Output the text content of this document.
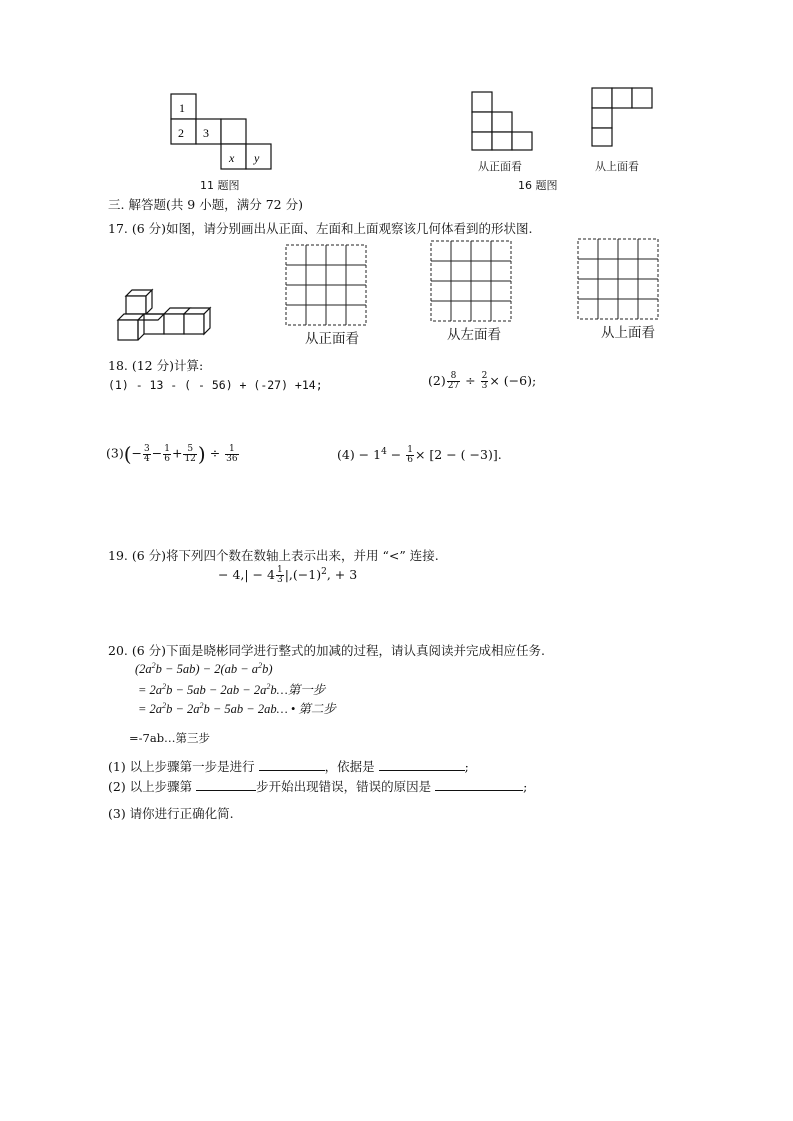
1
2 3
x y
11 题图
从正面看	从上面看
16 题图
三. 解答题(共 9 小题，满分 72 分)
17. (6 分)如图，请分别画出从正面、左面和上面观察该几何体看到的形状图.
从正面看	从左面看	从上面看
18. (12 分)计算:
(1) - 13 - ( - 56) + (-27) +14;	$(2) \frac{8}{27} \div \frac{2}{3} \times (-6)$;
$(3)(- \frac{3}{4} - \frac{1}{6} + \frac{5}{12}$ ) ÷ $\frac{1}{36}$	$(4) - 1^4 - \frac{1}{6} \times [2$ − ( −3)].
19. (6 分)将下列四个数在数轴上表示出来，并用 “<” 连接.
− $4,| - 4 \frac{1}{3} |,(-1)^2$, + 3
20. (6 分)下面是晓彬同学进行整式的加减的过程，请认真阅读并完成相应任务.
$(2a^2b - 5ab) - 2(ab - a^2b)$
= $2a^2b - 5ab - 2ab$ − $2a^2b\dots$第一步
= $2a^2b - 2a^2b - 5ab$ − 2ab… • 第二步
=-7ab…第三步
(1) 以上步骤第一步是进行	，依据是	;
(2) 以上步骤第	步开始出现错误，错误的原因是	;
(3) 请你进行正确化简.
